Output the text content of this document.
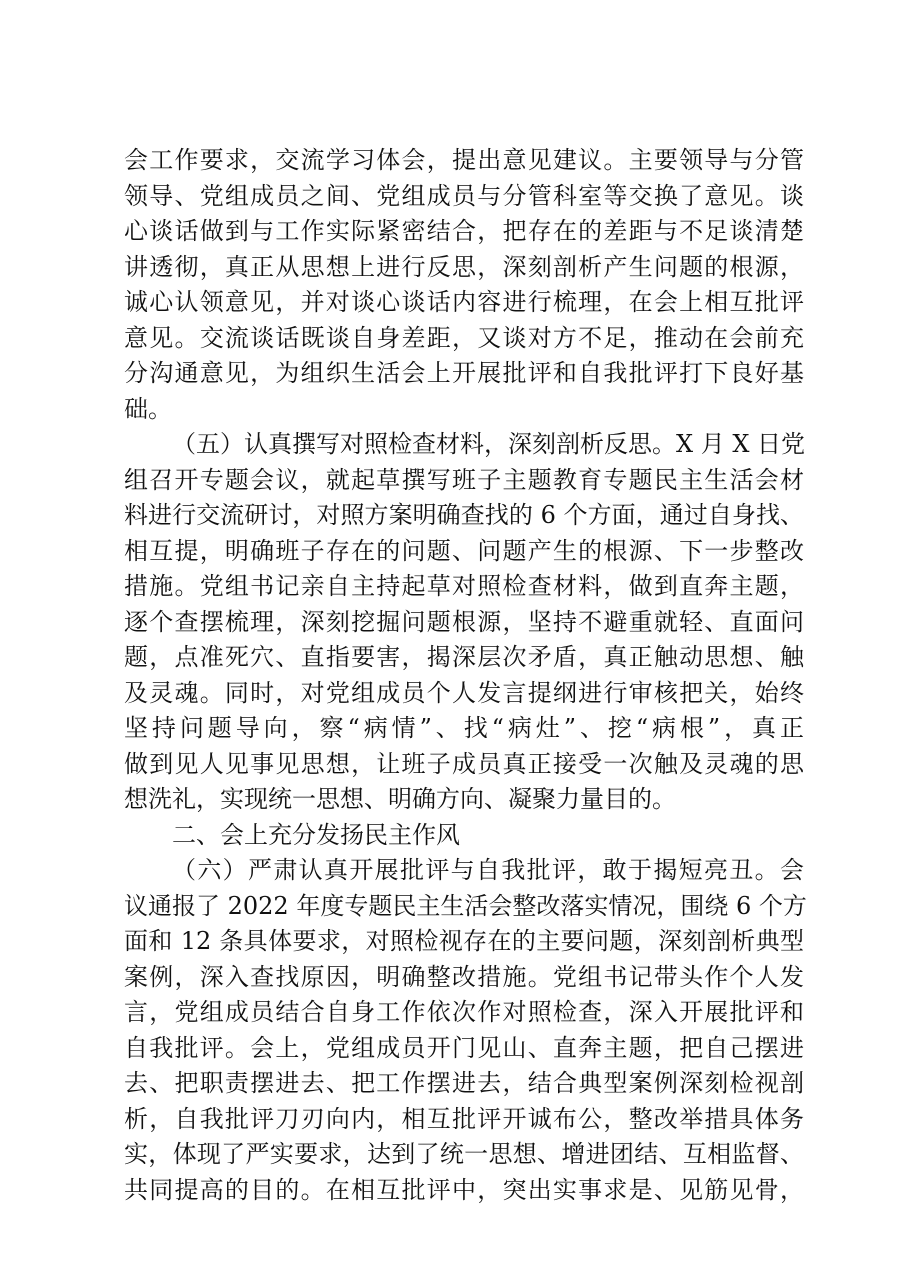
会工作要求，交流学习体会，提出意见建议。主要领导与分管
领导、党组成员之间、党组成员与分管科室等交换了意见。谈
心谈话做到与工作实际紧密结合，把存在的差距与不足谈清楚
讲透彻，真正从思想上进行反思，深刻剖析产生问题的根源，
诚心认领意见，并对谈心谈话内容进行梳理，在会上相互批评
意见。交流谈话既谈自身差距，又谈对方不足，推动在会前充
分沟通意见，为组织生活会上开展批评和自我批评打下良好基
础。
（五）认真撰写对照检查材料，深刻剖析反思。X 月 X 日党
组召开专题会议，就起草撰写班子主题教育专题民主生活会材
料进行交流研讨，对照方案明确查找的 6 个方面，通过自身找、
相互提，明确班子存在的问题、问题产生的根源、下一步整改
措施。党组书记亲自主持起草对照检查材料，做到直奔主题，
逐个查摆梳理，深刻挖掘问题根源，坚持不避重就轻、直面问
题，点准死穴、直指要害，揭深层次矛盾，真正触动思想、触
及灵魂。同时，对党组成员个人发言提纲进行审核把关，始终
坚持问题导向，察“病情”、找“病灶”、挖“病根”，真正
做到见人见事见思想，让班子成员真正接受一次触及灵魂的思
想洗礼，实现统一思想、明确方向、凝聚力量目的。
二、会上充分发扬民主作风
（六）严肃认真开展批评与自我批评，敢于揭短亮丑。会
议通报了 2022 年度专题民主生活会整改落实情况，围绕 6 个方
面和 12 条具体要求，对照检视存在的主要问题，深刻剖析典型
案例，深入查找原因，明确整改措施。党组书记带头作个人发
言，党组成员结合自身工作依次作对照检查，深入开展批评和
自我批评。会上，党组成员开门见山、直奔主题，把自己摆进
去、把职责摆进去、把工作摆进去，结合典型案例深刻检视剖
析，自我批评刀刃向内，相互批评开诚布公，整改举措具体务
实，体现了严实要求，达到了统一思想、增进团结、互相监督、
共同提高的目的。在相互批评中，突出实事求是、见筋见骨，
